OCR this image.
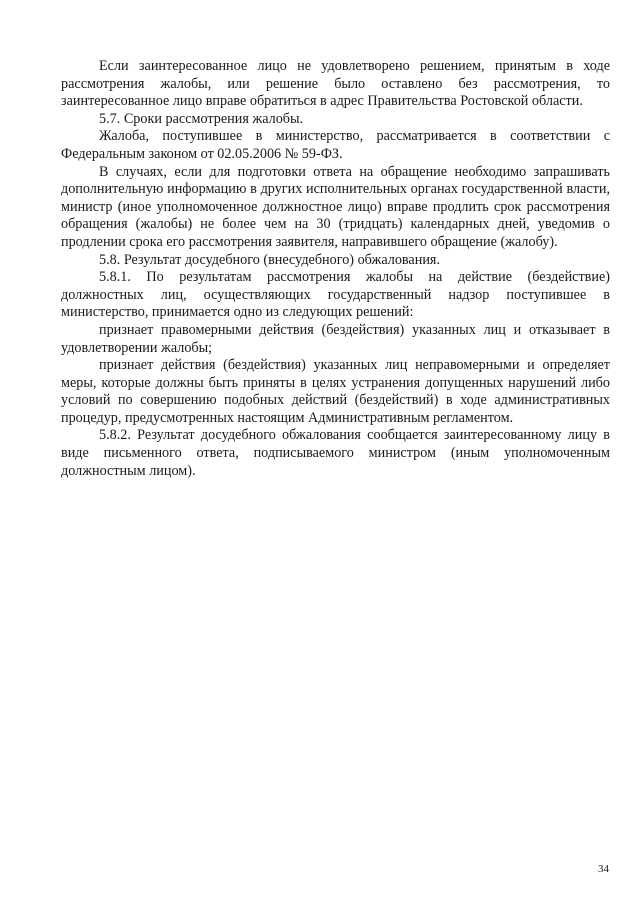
Если заинтересованное лицо не удовлетворено решением, принятым в ходе рассмотрения жалобы, или решение было оставлено без рассмотрения, то заинтересованное лицо вправе обратиться в адрес Правительства Ростовской области.

5.7. Сроки рассмотрения жалобы.

Жалоба, поступившее в министерство, рассматривается в соответствии с Федеральным законом от 02.05.2006 № 59-ФЗ.

В случаях, если для подготовки ответа на обращение необходимо запрашивать дополнительную информацию в других исполнительных органах государственной власти, министр (иное уполномоченное должностное лицо) вправе продлить срок рассмотрения обращения (жалобы) не более чем на 30 (тридцать) календарных дней, уведомив о продлении срока его рассмотрения заявителя, направившего обращение (жалобу).

5.8. Результат досудебного (внесудебного) обжалования.

5.8.1. По результатам рассмотрения жалобы на действие (бездействие) должностных лиц, осуществляющих государственный надзор поступившее в министерство, принимается одно из следующих решений:

признает правомерными действия (бездействия) указанных лиц и отказывает в удовлетворении жалобы;

признает действия (бездействия) указанных лиц неправомерными и определяет меры, которые должны быть приняты в целях устранения допущенных нарушений либо условий по совершению подобных действий (бездействий) в ходе административных процедур, предусмотренных настоящим Административным регламентом.

5.8.2. Результат досудебного обжалования сообщается заинтересованному лицу в виде письменного ответа, подписываемого министром (иным уполномоченным должностным лицом).

34
